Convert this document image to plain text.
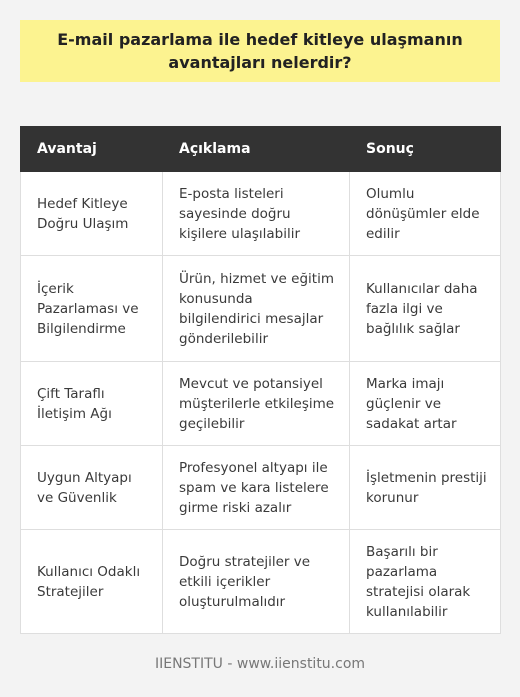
E-mail pazarlama ile hedef kitleye ulaşmanın avantajları nelerdir?
Avantaj	Açıklama	Sonuç
Hedef Kitleye Doğru Ulaşım	E-posta listeleri sayesinde doğru kişilere ulaşılabilir	Olumlu dönüşümler elde edilir
İçerik Pazarlaması ve Bilgilendirme	Ürün, hizmet ve eğitim konusunda bilgilendirici mesajlar gönderilebilir	Kullanıcılar daha fazla ilgi ve bağlılık sağlar
Çift Taraflı İletişim Ağı	Mevcut ve potansiyel müşterilerle etkileşime geçilebilir	Marka imajı güçlenir ve sadakat artar
Uygun Altyapı ve Güvenlik	Profesyonel altyapı ile spam ve kara listelere girme riski azalır	İşletmenin prestiji korunur
Kullanıcı Odaklı Stratejiler	Doğru stratejiler ve etkili içerikler oluşturulmalıdır	Başarılı bir pazarlama stratejisi olarak kullanılabilir
IIENSTITU - www.iienstitu.com
